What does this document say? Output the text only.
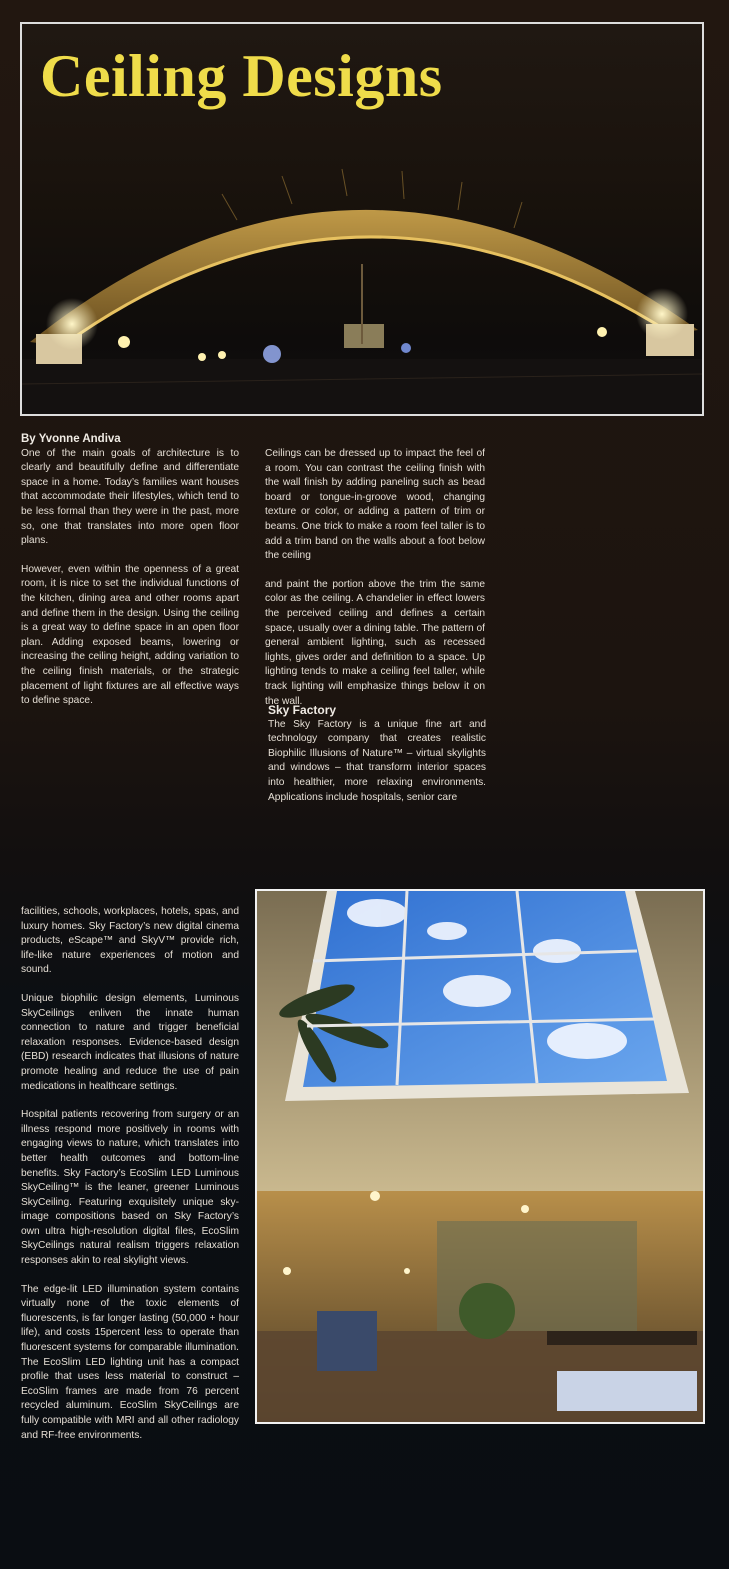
Ceiling Designs

By Yvonne Andiva

One of the main goals of architecture is to clearly and beautifully define and differentiate space in a home. Today’s families want houses that accommodate their lifestyles, which tend to be less formal than they were in the past, more so, one that translates into more open floor plans.

However, even within the openness of a great room, it is nice to set the individual functions of the kitchen, dining area and other rooms apart and define them in the design. Using the ceiling is a great way to define space in an open floor plan. Adding exposed beams, lowering or increasing the ceiling height, adding variation to the ceiling finish materials, or the strategic placement of light fixtures are all effective ways to define space.

Ceilings can be dressed up to impact the feel of a room. You can contrast the ceiling finish with the wall finish by adding paneling such as bead board or tongue-in-groove wood, changing texture or color, or adding a pattern of trim or beams. One trick to make a room feel taller is to add a trim band on the walls about a foot below the ceiling

and paint the portion above the trim the same color as the ceiling. A chandelier in effect lowers the perceived ceiling and defines a certain space, usually over a dining table. The pattern of general ambient lighting, such as recessed lights, gives order and definition to a space. Up lighting tends to make a ceiling feel taller, while track lighting will emphasize things below it on the wall.

Sky Factory

The Sky Factory is a unique fine art and technology company that creates realistic Biophilic Illusions of Nature™ – virtual skylights and windows – that transform interior spaces into healthier, more relaxing environments. Applications include hospitals, senior care

facilities, schools, workplaces, hotels, spas, and luxury homes. Sky Factory’s new digital cinema products, eScape™ and SkyV™ provide rich, life-like nature experiences of motion and sound.

Unique biophilic design elements, Luminous SkyCeilings enliven the innate human connection to nature and trigger beneficial relaxation responses. Evidence-based design (EBD) research indicates that illusions of nature promote healing and reduce the use of pain medications in healthcare settings.

Hospital patients recovering from surgery or an illness respond more positively in rooms with engaging views to nature, which translates into better health outcomes and bottom-line benefits. Sky Factory’s EcoSlim LED Luminous SkyCeiling™ is the leaner, greener Luminous SkyCeiling. Featuring exquisitely unique sky-image compositions based on Sky Factory’s own ultra high-resolution digital files, EcoSlim SkyCeilings natural realism triggers relaxation responses akin to real skylight views.

The edge-lit LED illumination system contains virtually none of the toxic elements of fluorescents, is far longer lasting (50,000 + hour life), and costs 15percent less to operate than fluorescent systems for comparable illumination. The EcoSlim LED lighting unit has a compact profile that uses less material to construct – EcoSlim frames are made from 76 percent recycled aluminum. EcoSlim SkyCeilings are fully compatible with MRI and all other radiology and RF-free environments.
